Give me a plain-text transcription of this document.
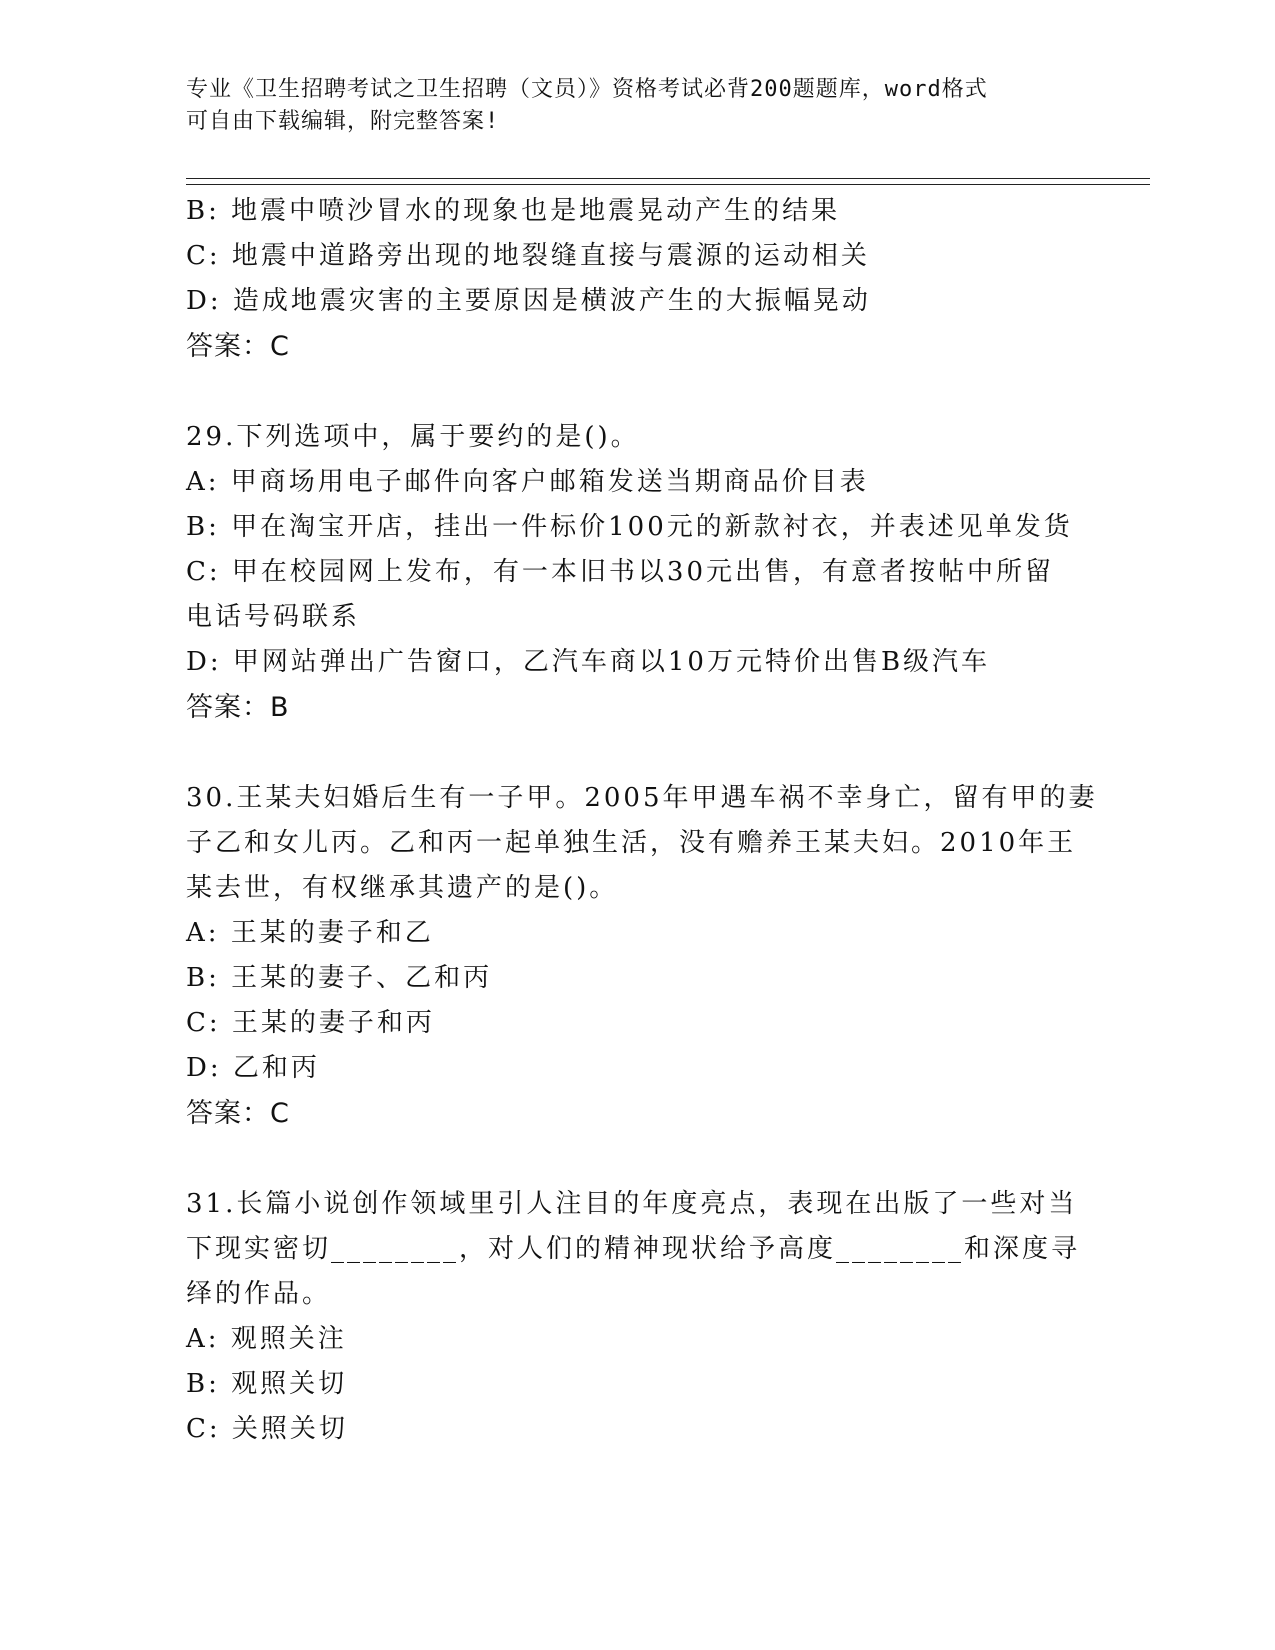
专业《卫生招聘考试之卫生招聘（文员）》资格考试必背200题题库，word格式
可自由下载编辑，附完整答案!
B: 地震中喷沙冒水的现象也是地震晃动产生的结果
C: 地震中道路旁出现的地裂缝直接与震源的运动相关
D: 造成地震灾害的主要原因是横波产生的大振幅晃动
答案：C
29.下列选项中，属于要约的是()。
A: 甲商场用电子邮件向客户邮箱发送当期商品价目表
B: 甲在淘宝开店，挂出一件标价100元的新款衬衣，并表述见单发货
C: 甲在校园网上发布，有一本旧书以30元出售，有意者按帖中所留
电话号码联系
D: 甲网站弹出广告窗口，乙汽车商以10万元特价出售B级汽车
答案：B
30.王某夫妇婚后生有一子甲。2005年甲遇车祸不幸身亡，留有甲的妻
子乙和女儿丙。乙和丙一起单独生活，没有赡养王某夫妇。2010年王
某去世，有权继承其遗产的是()。
A: 王某的妻子和乙
B: 王某的妻子、乙和丙
C: 王某的妻子和丙
D: 乙和丙
答案：C
31.长篇小说创作领域里引人注目的年度亮点，表现在出版了一些对当
下现实密切________，对人们的精神现状给予高度________和深度寻
绎的作品。
A: 观照关注
B: 观照关切
C: 关照关切
